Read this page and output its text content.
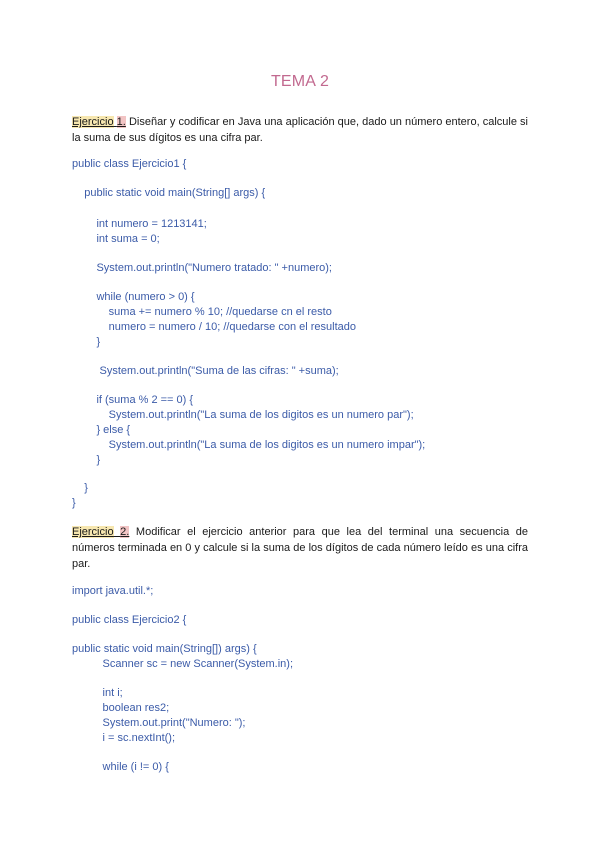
TEMA 2
Ejercicio 1. Diseñar y codificar en Java una aplicación que, dado un número entero, calcule si la suma de sus dígitos es una cifra par.
public class Ejercicio1 {
public static void main(String[] args) {
int numero = 1213141;
int suma = 0;
System.out.println("Numero tratado: " +numero);
while (numero > 0) {
suma += numero % 10; //quedarse cn el resto
numero = numero / 10; //quedarse con el resultado
}
System.out.println("Suma de las cifras: " +suma);
if (suma % 2 == 0) {
System.out.println("La suma de los digitos es un numero par");
} else {
System.out.println("La suma de los digitos es un numero impar");
}
}
}
Ejercicio 2. Modificar el ejercicio anterior para que lea del terminal una secuencia de números terminada en 0 y calcule si la suma de los dígitos de cada número leído es una cifra par.
import java.util.*;
public class Ejercicio2 {
public static void main(String[]) args) {
Scanner sc = new Scanner(System.in);
int i;
boolean res2;
System.out.print("Numero: ");
i = sc.nextInt();
while (i != 0) {
